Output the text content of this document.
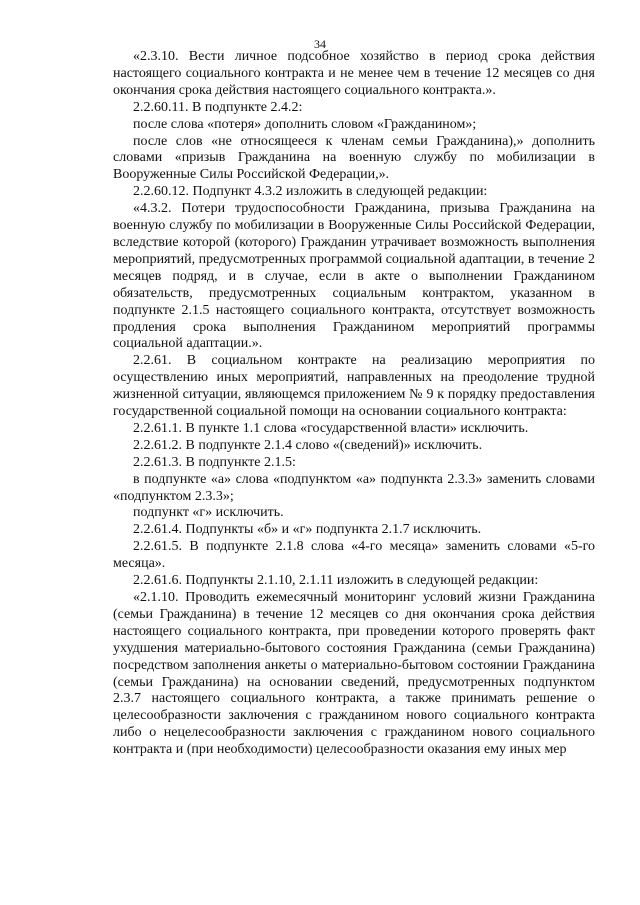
34

«2.3.10. Вести личное подсобное хозяйство в период срока действия настоящего социального контракта и не менее чем в течение 12 месяцев со дня окончания срока действия настоящего социального контракта.».

2.2.60.11. В подпункте 2.4.2:

после слова «потеря» дополнить словом «Гражданином»;

после слов «не относящееся к членам семьи Гражданина),» дополнить словами «призыв Гражданина на военную службу по мобилизации в Вооруженные Силы Российской Федерации,».

2.2.60.12. Подпункт 4.3.2 изложить в следующей редакции:

«4.3.2. Потери трудоспособности Гражданина, призыва Гражданина на военную службу по мобилизации в Вооруженные Силы Российской Федерации, вследствие которой (которого) Гражданин утрачивает возможность выполнения мероприятий, предусмотренных программой социальной адаптации, в течение 2 месяцев подряд, и в случае, если в акте о выполнении Гражданином обязательств, предусмотренных социальным контрактом, указанном в подпункте 2.1.5 настоящего социального контракта, отсутствует возможность продления срока выполнения Гражданином мероприятий программы социальной адаптации.».

2.2.61. В социальном контракте на реализацию мероприятия по осуществлению иных мероприятий, направленных на преодоление трудной жизненной ситуации, являющемся приложением № 9 к порядку предоставления государственной социальной помощи на основании социального контракта:

2.2.61.1. В пункте 1.1 слова «государственной власти» исключить.

2.2.61.2. В подпункте 2.1.4 слово «(сведений)» исключить.

2.2.61.3. В подпункте 2.1.5:

в подпункте «а» слова «подпунктом «а» подпункта 2.3.3» заменить словами «подпунктом 2.3.3»;

подпункт «г» исключить.

2.2.61.4. Подпункты «б» и «г» подпункта 2.1.7 исключить.

2.2.61.5. В подпункте 2.1.8 слова «4-го месяца» заменить словами «5-го месяца».

2.2.61.6. Подпункты 2.1.10, 2.1.11 изложить в следующей редакции:

«2.1.10. Проводить ежемесячный мониторинг условий жизни Гражданина (семьи Гражданина) в течение 12 месяцев со дня окончания срока действия настоящего социального контракта, при проведении которого проверять факт ухудшения материально-бытового состояния Гражданина (семьи Гражданина) посредством заполнения анкеты о материально-бытовом состоянии Гражданина (семьи Гражданина) на основании сведений, предусмотренных подпунктом 2.3.7 настоящего социального контракта, а также принимать решение о целесообразности заключения с гражданином нового социального контракта либо о нецелесообразности заключения с гражданином нового социального контракта и (при необходимости) целесообразности оказания ему иных мер
